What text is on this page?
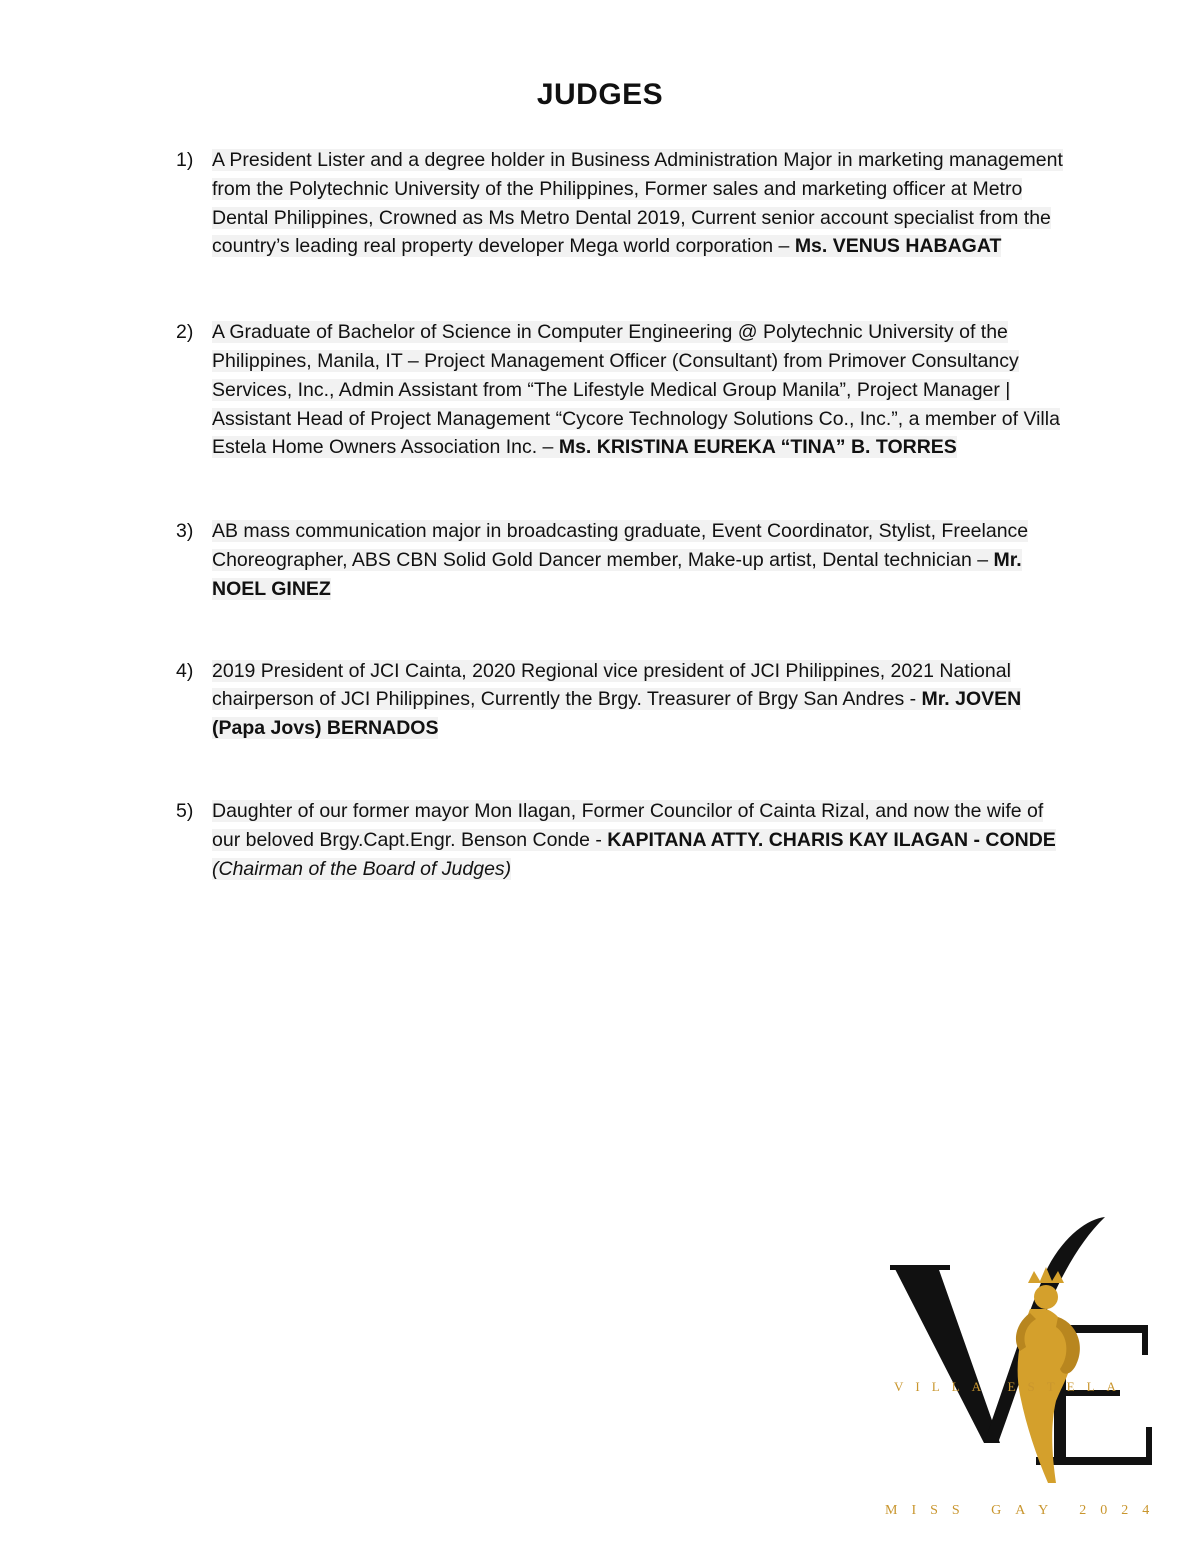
JUDGES
1) A President Lister and a degree holder in Business Administration Major in marketing management from the Polytechnic University of the Philippines, Former sales and marketing officer at Metro Dental Philippines, Crowned as Ms Metro Dental 2019, Current senior account specialist from the country’s leading real property developer Mega world corporation – Ms. VENUS HABAGAT
2) A Graduate of Bachelor of Science in Computer Engineering @ Polytechnic University of the Philippines, Manila, IT – Project Management Officer (Consultant) from Primover Consultancy Services, Inc., Admin Assistant from “The Lifestyle Medical Group Manila”, Project Manager | Assistant Head of Project Management “Cycore Technology Solutions Co., Inc.”, a member of Villa Estela Home Owners Association Inc. – Ms. KRISTINA EUREKA “TINA” B. TORRES
3) AB mass communication major in broadcasting graduate, Event Coordinator, Stylist, Freelance Choreographer, ABS CBN Solid Gold Dancer member, Make-up artist, Dental technician – Mr. NOEL GINEZ
4) 2019 President of JCI Cainta, 2020 Regional vice president of JCI Philippines, 2021 National chairperson of JCI Philippines, Currently the Brgy. Treasurer of Brgy San Andres - Mr. JOVEN (Papa Jovs) BERNADOS
5) Daughter of our former mayor Mon Ilagan, Former Councilor of Cainta Rizal, and now the wife of our beloved Brgy.Capt.Engr. Benson Conde - KAPITANA ATTY. CHARIS KAY ILAGAN - CONDE (Chairman of the Board of Judges)
VILLA ESTELA
MISS GAY 2024
